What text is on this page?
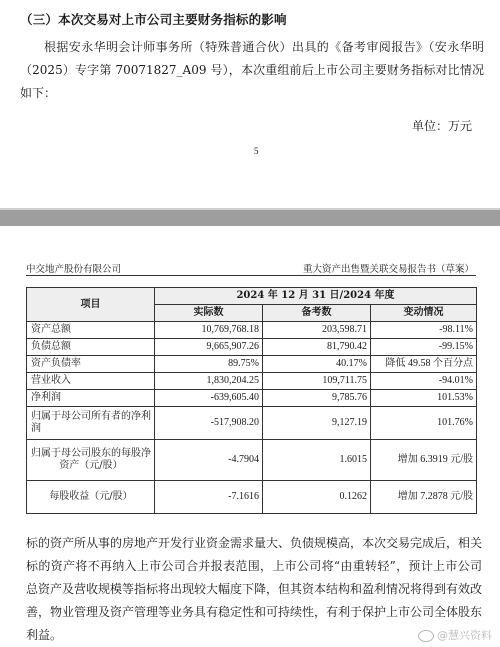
（三）本次交易对上市公司主要财务指标的影响
根据安永华明会计师事务所（特殊普通合伙）出具的《备考审阅报告》（安永华明（2025）专字第 70071827_A09 号），本次重组前后上市公司主要财务指标对比情况如下：
单位：万元
5
中交地产股份有限公司	重大资产出售暨关联交易报告书（草案）
项目	2024 年 12 月 31 日/2024 年度		
	实际数	备考数	变动情况
资产总额	10,769,768.18	203,598.71	-98.11%
负债总额	9,665,907.26	81,790.42	-99.15%
资产负债率	89.75%	40.17%	降低 49.58 个百分点
营业收入	1,830,204.25	109,711.75	-94.01%
净利润	-639,605.40	9,785.76	101.53%
归属于母公司所有者的净利润	-517,908.20	9,127.19	101.76%
归属于母公司股东的每股净资产（元/股）	-4.7904	1.6015	增加 6.3919 元/股
每股收益（元/股）	-7.1616	0.1262	增加 7.2878 元/股
标的资产所从事的房地产开发行业资金需求量大、负债规模高，本次交易完成后，相关标的资产将不再纳入上市公司合并报表范围，上市公司将“由重转轻”，预计上市公司总资产及营收规模等指标将出现较大幅度下降，但其资本结构和盈利情况将得到有效改善，物业管理及资产管理等业务具有稳定性和可持续性，有利于保护上市公司全体股东利益。	@慧兴资料
